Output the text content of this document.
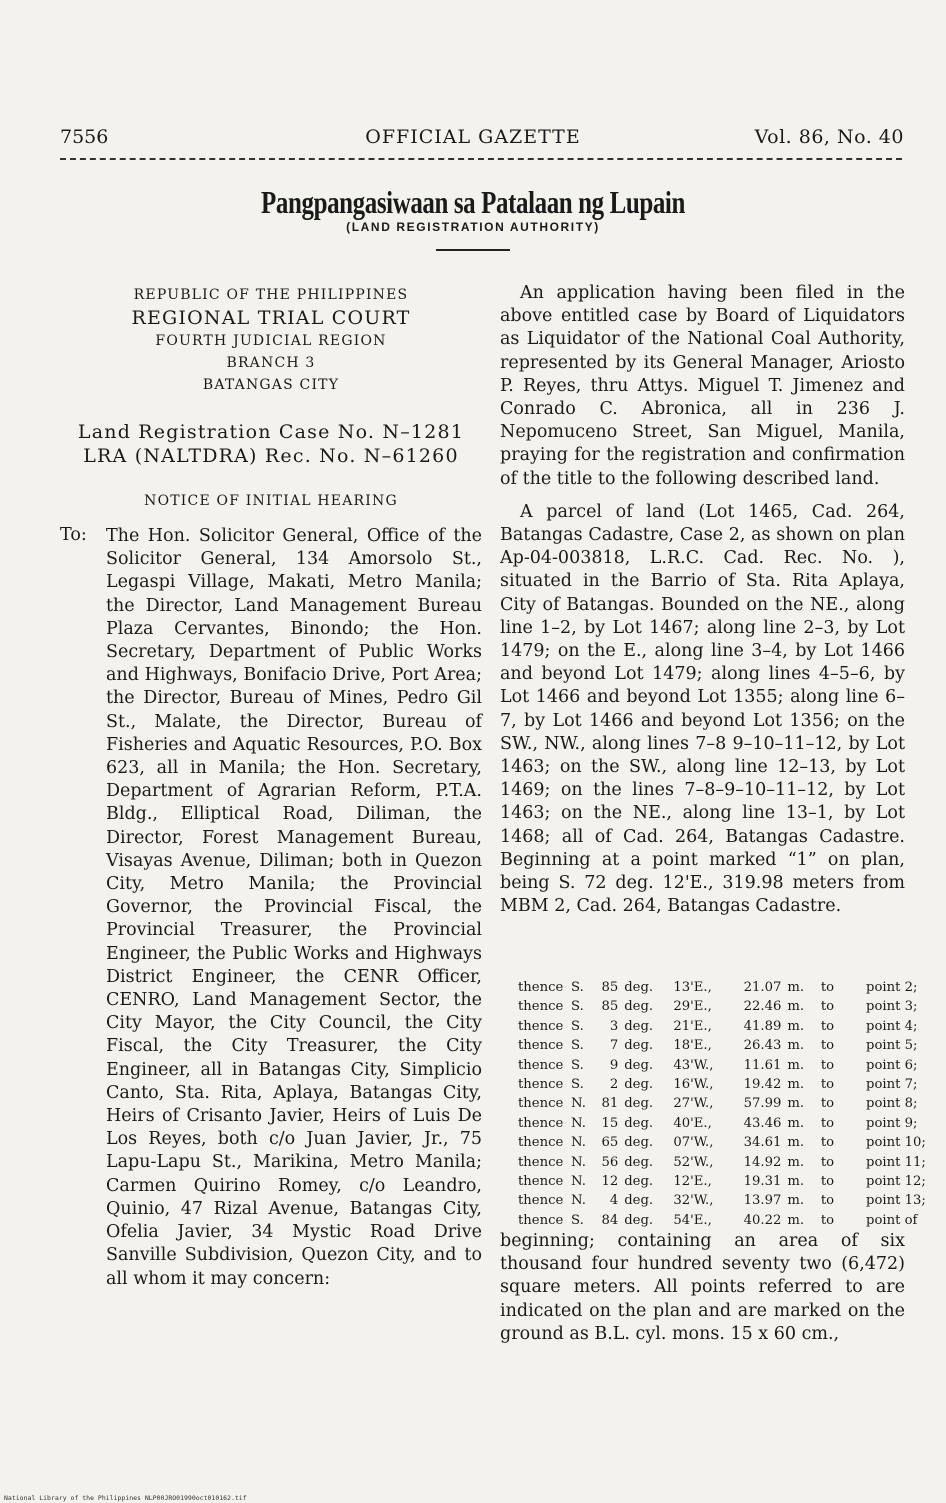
7556	OFFICIAL GAZETTE	Vol. 86, No. 40
Pangpangasiwaan sa Patalaan ng Lupain
(LAND REGISTRATION AUTHORITY)
REPUBLIC OF THE PHILIPPINES
REGIONAL TRIAL COURT
FOURTH JUDICIAL REGION
BRANCH 3
BATANGAS CITY
Land Registration Case No. N–1281
LRA (NALTDRA) Rec. No. N–61260
NOTICE OF INITIAL HEARING
To: The Hon. Solicitor General, Office of the Solicitor General, 134 Amorsolo St., Legaspi Village, Makati, Metro Manila; the Director, Land Management Bureau Plaza Cervantes, Binondo; the Hon. Secretary, Department of Public Works and Highways, Bonifacio Drive, Port Area; the Director, Bureau of Mines, Pedro Gil St., Malate, the Director, Bureau of Fisheries and Aquatic Resources, P.O. Box 623, all in Manila; the Hon. Secretary, Department of Agrarian Reform, P.T.A. Bldg., Elliptical Road, Diliman, the Director, Forest Management Bureau, Visayas Avenue, Diliman; both in Quezon City, Metro Manila; the Provincial Governor, the Provincial Fiscal, the Provincial Treasurer, the Provincial Engineer, the Public Works and Highways District Engineer, the CENR Officer, CENRO, Land Management Sector, the City Mayor, the City Council, the City Fiscal, the City Treasurer, the City Engineer, all in Batangas City, Simplicio Canto, Sta. Rita, Aplaya, Batangas City, Heirs of Crisanto Javier, Heirs of Luis De Los Reyes, both c/o Juan Javier, Jr., 75 Lapu-Lapu St., Marikina, Metro Manila; Carmen Quirino Romey, c/o Leandro, Quinio, 47 Rizal Avenue, Batangas City, Ofelia Javier, 34 Mystic Road Drive Sanville Subdivision, Quezon City, and to all whom it may concern:

An application having been filed in the above entitled case by Board of Liquidators as Liquidator of the National Coal Authority, represented by its General Manager, Ariosto P. Reyes, thru Attys. Miguel T. Jimenez and Conrado C. Abronica, all in 236 J. Nepomuceno Street, San Miguel, Manila, praying for the registration and confirmation of the title to the following described land.

A parcel of land (Lot 1465, Cad. 264, Batangas Cadastre, Case 2, as shown on plan Ap-04-003818, L.R.C. Cad. Rec. No. ), situated in the Barrio of Sta. Rita Aplaya, City of Batangas. Bounded on the NE., along line 1–2, by Lot 1467; along line 2–3, by Lot 1479; on the E., along line 3–4, by Lot 1466 and beyond Lot 1479; along lines 4–5–6, by Lot 1466 and beyond Lot 1355; along line 6–7, by Lot 1466 and beyond Lot 1356; on the SW., NW., along lines 7–8 9–10–11–12, by Lot 1463; on the SW., along line 12–13, by Lot 1469; on the lines 7–8–9–10–11–12, by Lot 1463; on the NE., along line 13–1, by Lot 1468; all of Cad. 264, Batangas Cadastre. Beginning at a point marked “1” on plan, being S. 72 deg. 12'E., 319.98 meters from MBM 2, Cad. 264, Batangas Cadastre.

thence S.	85 deg.	13'E.,	21.07 m.	to	point 2;
thence S.	85 deg.	29'E.,	22.46 m.	to	point 3;
thence S.	3 deg.	21'E.,	41.89 m.	to	point 4;
thence S.	7 deg.	18'E.,	26.43 m.	to	point 5;
thence S.	9 deg.	43'W.,	11.61 m.	to	point 6;
thence S.	2 deg.	16'W.,	19.42 m.	to	point 7;
thence N.	81 deg.	27'W.,	57.99 m.	to	point 8;
thence N.	15 deg.	40'E.,	43.46 m.	to	point 9;
thence N.	65 deg.	07'W.,	34.61 m.	to	point 10;
thence N.	56 deg.	52'W.,	14.92 m.	to	point 11;
thence N.	12 deg.	12'E.,	19.31 m.	to	point 12;
thence N.	4 deg.	32'W.,	13.97 m.	to	point 13;
thence S.	84 deg.	54'E.,	40.22 m.	to	point of
beginning; containing an area of six thousand four hundred seventy two (6,472) square meters. All points referred to are indicated on the plan and are marked on the ground as B.L. cyl. mons. 15 x 60 cm.,
National Library of the Philippines NLP00JRO01990oct010162.tif
